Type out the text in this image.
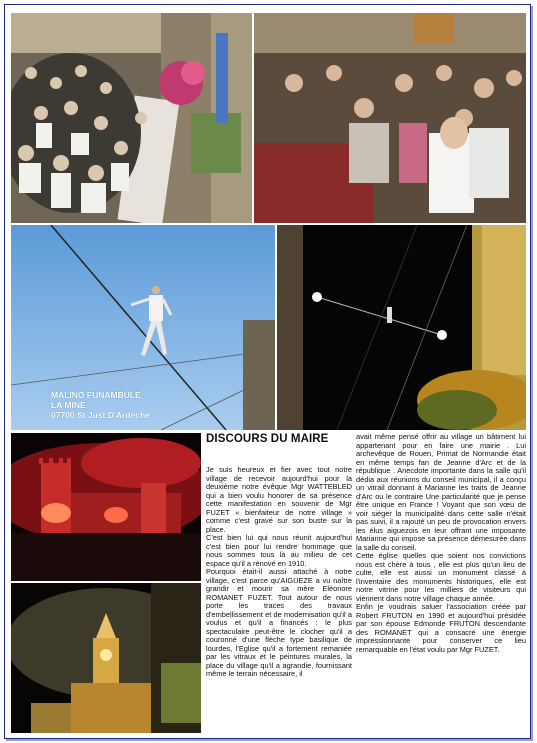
MALINO FUNAMBULE
LA MINE
07700 St Just D'Ardèche
DISCOURS DU MAIRE

Je suis heureux et fier avec tout notre village de recevoir aujourd'hui pour la deuxième notre évêque Mgr WATTEBLED qui a bien voulu honorer de sa présence cette manifestation en souvenir de Mgr FUZET « bienfaiteur de notre village » comme c'est gravé sur son buste sur la place.

C'est bien lui qui nous réunit aujourd'hui c'est bien pour lui rendre hommage que nous sommes tous là au milieu de cet espace qu'il a rénové en 1910.

Pourquoi était-il aussi attaché à notre village, c'est parce qu'AIGUEZE a vu naître grandir et mourir sa mère Eléonore ROMANET FUZET. Tout autour de nous porte les traces des travaux d'embellissement et de modernisation qu'il a voulus et qu'il a financés : le plus spectaculaire peut-être le clocher qu'il a couronné d'une flèche type basilique de lourdes, l'Eglise qu'il a fortement remaniée par les vitraux et le peintures murales, la place du village qu'il a agrandie, fournissant même le terrain nécessaire, il

avait même pensé offrir au village un bâtiment lui appartenant pour en faire une mairie . Lui archevêque de Rouen, Primat de Normandie était en même temps fan de Jeanne d'Arc et de la république . Anecdote importante dans la salle qu'il dédia aux réunions du conseil municipal, il a conçu un vitrail donnant à Marianne les traits de Jeanne d'Arc ou le contraire Une particularité que je pense être unique en France ! Voyant que son vœu de voir siéger la municipalité dans cette salle n'était pas suivi, il a rajouté un peu de provocation envers les élus aiguezois en leur offrant une imposante Marianne qui impose sa présence démesurée dans la salle du conseil.

Cette église quelles que soient nos convictions nous est chère à tous , elle est plus qu'un lieu de culte, elle est aussi un monument classé à l'inventaire des monuments historiques, elle est notre vitrine pour les milliers de visiteurs qui viennent dans notre village chaque année.

Enfin je voudrais saluer l'association créée par Robert FRUTON en 1990 et aujourd'hui présidée par son épouse Edmonde FRUTON descendante des ROMANET qui a consacré une énergie impressionnante pour conserver ce lieu remarquable en l'état voulu par Mgr FUZET.
